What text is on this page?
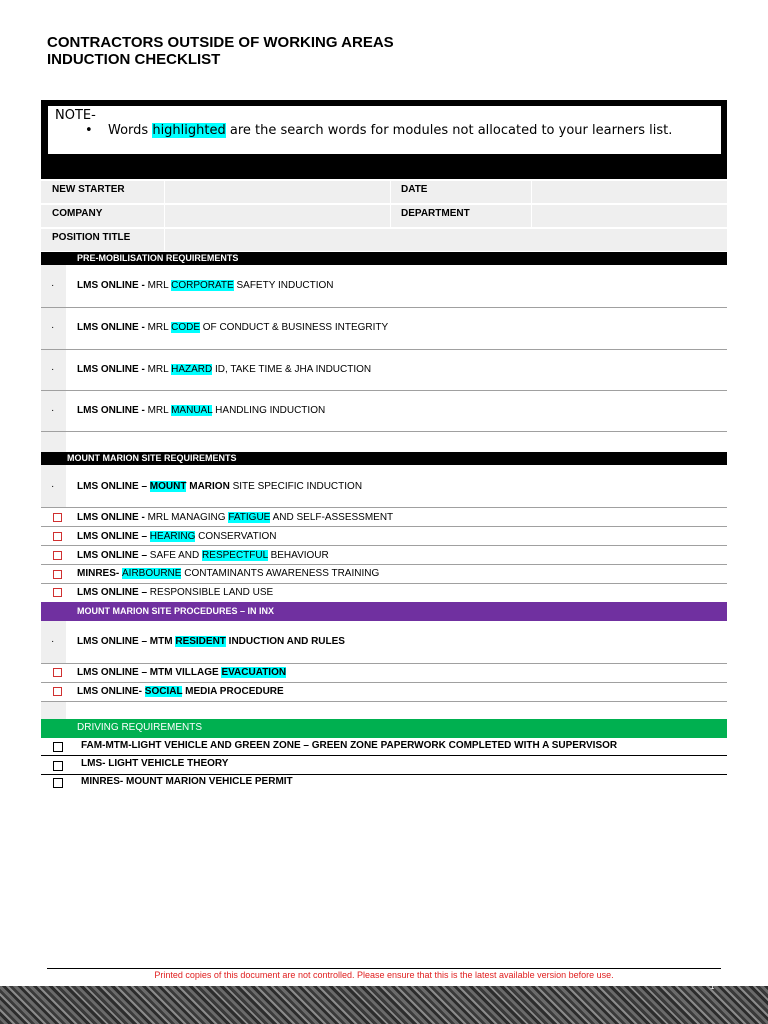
CONTRACTORS OUTSIDE OF WORKING AREAS
INDUCTION CHECKLIST
NOTE-
• Words highlighted are the search words for modules not allocated to your learners list.
NEW STARTER	DATE
COMPANY	DEPARTMENT
POSITION TITLE
PRE-MOBILISATION REQUIREMENTS
· LMS ONLINE - MRL CORPORATE SAFETY INDUCTION
· LMS ONLINE - MRL CODE OF CONDUCT & BUSINESS INTEGRITY
· LMS ONLINE - MRL HAZARD ID, TAKE TIME & JHA INDUCTION
· LMS ONLINE - MRL MANUAL HANDLING INDUCTION
MOUNT MARION SITE REQUIREMENTS
· LMS ONLINE – MOUNT MARION SITE SPECIFIC INDUCTION
LMS ONLINE - MRL MANAGING FATIGUE AND SELF-ASSESSMENT
LMS ONLINE – HEARING CONSERVATION
LMS ONLINE – SAFE AND RESPECTFUL BEHAVIOUR
MINRES- AIRBOURNE CONTAMINANTS AWARENESS TRAINING
LMS ONLINE – RESPONSIBLE LAND USE
MOUNT MARION SITE PROCEDURES – IN INX
· LMS ONLINE – MTM RESIDENT INDUCTION AND RULES
LMS ONLINE – MTM VILLAGE EVACUATION
LMS ONLINE- SOCIAL MEDIA PROCEDURE
DRIVING REQUIREMENTS
FAM-MTM-LIGHT VEHICLE AND GREEN ZONE – GREEN ZONE PAPERWORK COMPLETED WITH A SUPERVISOR
LMS- LIGHT VEHICLE THEORY
MINRES- MOUNT MARION VEHICLE PERMIT
Printed copies of this document are not controlled. Please ensure that this is the latest available version before use.
1
